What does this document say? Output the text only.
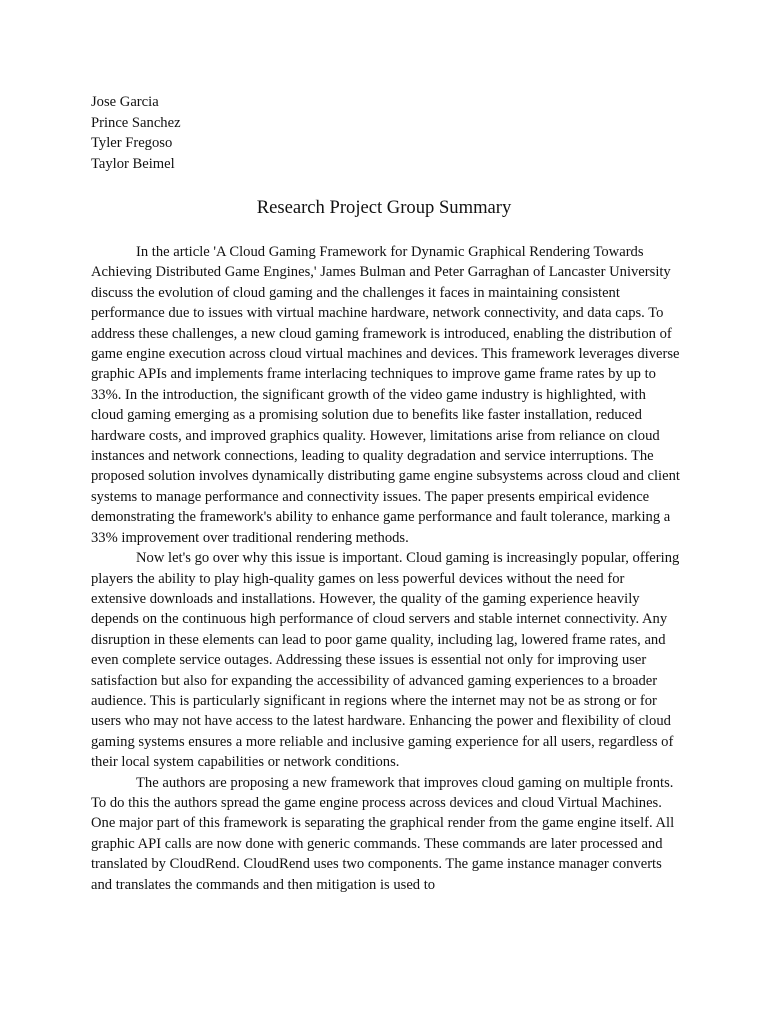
Jose Garcia
Prince Sanchez
Tyler Fregoso
Taylor Beimel
Research Project Group Summary

In the article 'A Cloud Gaming Framework for Dynamic Graphical Rendering Towards Achieving Distributed Game Engines,' James Bulman and Peter Garraghan of Lancaster University discuss the evolution of cloud gaming and the challenges it faces in maintaining consistent performance due to issues with virtual machine hardware, network connectivity, and data caps. To address these challenges, a new cloud gaming framework is introduced, enabling the distribution of game engine execution across cloud virtual machines and devices. This framework leverages diverse graphic APIs and implements frame interlacing techniques to improve game frame rates by up to 33%. In the introduction, the significant growth of the video game industry is highlighted, with cloud gaming emerging as a promising solution due to benefits like faster installation, reduced hardware costs, and improved graphics quality. However, limitations arise from reliance on cloud instances and network connections, leading to quality degradation and service interruptions. The proposed solution involves dynamically distributing game engine subsystems across cloud and client systems to manage performance and connectivity issues. The paper presents empirical evidence demonstrating the framework's ability to enhance game performance and fault tolerance, marking a 33% improvement over traditional rendering methods.

Now let's go over why this issue is important. Cloud gaming is increasingly popular, offering players the ability to play high-quality games on less powerful devices without the need for extensive downloads and installations. However, the quality of the gaming experience heavily depends on the continuous high performance of cloud servers and stable internet connectivity. Any disruption in these elements can lead to poor game quality, including lag, lowered frame rates, and even complete service outages. Addressing these issues is essential not only for improving user satisfaction but also for expanding the accessibility of advanced gaming experiences to a broader audience. This is particularly significant in regions where the internet may not be as strong or for users who may not have access to the latest hardware. Enhancing the power and flexibility of cloud gaming systems ensures a more reliable and inclusive gaming experience for all users, regardless of their local system capabilities or network conditions.

The authors are proposing a new framework that improves cloud gaming on multiple fronts. To do this the authors spread the game engine process across devices and cloud Virtual Machines. One major part of this framework is separating the graphical render from the game engine itself. All graphic API calls are now done with generic commands. These commands are later processed and translated by CloudRend. CloudRend uses two components. The game instance manager converts and translates the commands and then mitigation is used to
